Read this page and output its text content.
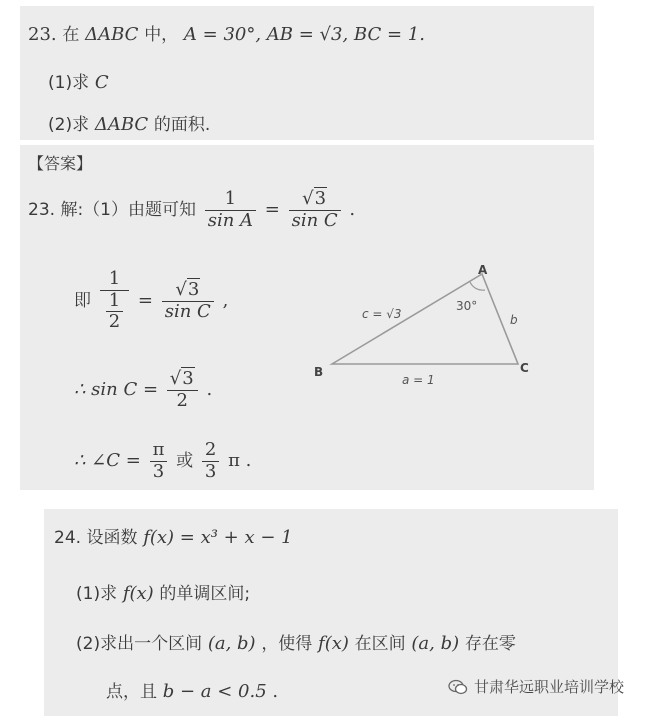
23. 在 ΔABC 中， A = 30°, AB = √3, BC = 1.
(1)求 C
(2)求 ΔABC 的面积.
【答案】
23. 解:（1）由题可知 $\frac{1}{\text{sin A}} = \frac{√3}{\text{sin C}}$ .
即 $\frac{1}{\frac{1}{2}} = \frac{√3}{\text{sin C}}$ ,
∴ $\sin C = \frac{√3}{2}$ .
∴ ∠C = $\frac{\pi}{3}$ 或 $\frac{2}{3}$ π .
A
B	C
c = √3	b
a = 1
30°
24. 设函数 f(x) = x³ + x − 1
(1)求 f(x) 的单调区间;
(2)求出一个区间 (a, b) ，使得 f(x) 在区间 (a, b) 存在零
点，且 b − a < 0.5 .	甘肃华远职业培训学校
